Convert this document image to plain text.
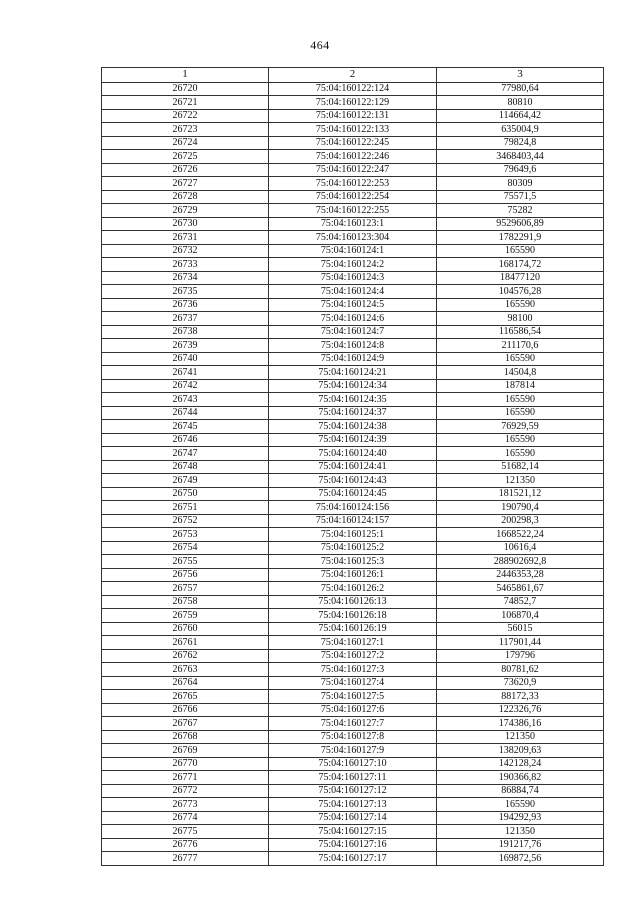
464
1	2	3
26720	75:04:160122:124	77980,64
26721	75:04:160122:129	80810
26722	75:04:160122:131	114664,42
26723	75:04:160122:133	635004,9
26724	75:04:160122:245	79824,8
26725	75:04:160122:246	3468403,44
26726	75:04:160122:247	79649,6
26727	75:04:160122:253	80309
26728	75:04:160122:254	75571,5
26729	75:04:160122:255	75282
26730	75:04:160123:1	9529606,89
26731	75:04:160123:304	1782291,9
26732	75:04:160124:1	165590
26733	75:04:160124:2	168174,72
26734	75:04:160124:3	18477120
26735	75:04:160124:4	104576,28
26736	75:04:160124:5	165590
26737	75:04:160124:6	98100
26738	75:04:160124:7	116586,54
26739	75:04:160124:8	211170,6
26740	75:04:160124:9	165590
26741	75:04:160124:21	14504,8
26742	75:04:160124:34	187814
26743	75:04:160124:35	165590
26744	75:04:160124:37	165590
26745	75:04:160124:38	76929,59
26746	75:04:160124:39	165590
26747	75:04:160124:40	165590
26748	75:04:160124:41	51682,14
26749	75:04:160124:43	121350
26750	75:04:160124:45	181521,12
26751	75:04:160124:156	190790,4
26752	75:04:160124:157	200298,3
26753	75:04:160125:1	1668522,24
26754	75:04:160125:2	10616,4
26755	75:04:160125:3	288902692,8
26756	75:04:160126:1	2446353,28
26757	75:04:160126:2	5465861,67
26758	75:04:160126:13	74852,7
26759	75:04:160126:18	106870,4
26760	75:04:160126:19	56015
26761	75:04:160127:1	117901,44
26762	75:04:160127:2	179796
26763	75:04:160127:3	80781,62
26764	75:04:160127:4	73620,9
26765	75:04:160127:5	88172,33
26766	75:04:160127:6	122326,76
26767	75:04:160127:7	174386,16
26768	75:04:160127:8	121350
26769	75:04:160127:9	138209,63
26770	75:04:160127:10	142128,24
26771	75:04:160127:11	190366,82
26772	75:04:160127:12	86884,74
26773	75:04:160127:13	165590
26774	75:04:160127:14	194292,93
26775	75:04:160127:15	121350
26776	75:04:160127:16	191217,76
26777	75:04:160127:17	169872,56
